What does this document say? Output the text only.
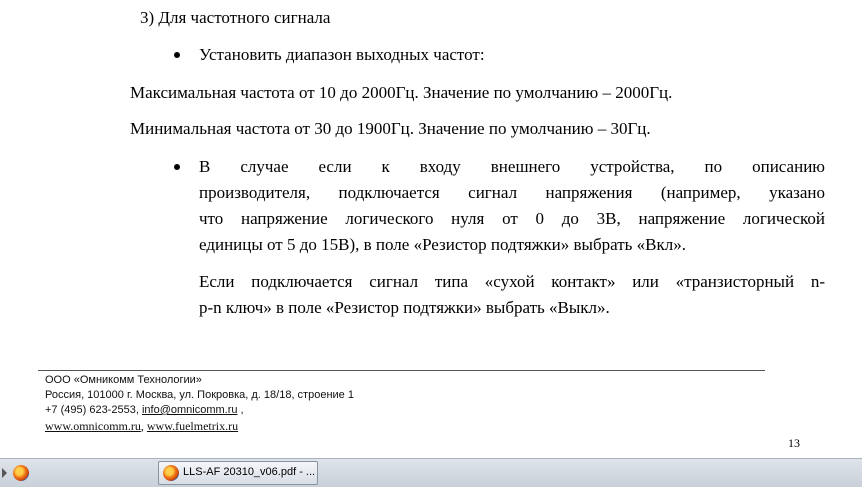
3) Для частотного сигнала
Установить диапазон выходных частот:
Максимальная частота от 10 до 2000Гц. Значение по умолчанию – 2000Гц.
Минимальная частота от 30 до 1900Гц. Значение по умолчанию – 30Гц.
В случае если к входу внешнего устройства, по описанию
производителя, подключается сигнал напряжения (например, указано
что напряжение логического нуля от 0 до 3В, напряжение логической
единицы от 5 до 15В), в поле «Резистор подтяжки» выбрать «Вкл».
Если подключается сигнал типа «сухой контакт» или «транзисторный n-
p-n ключ» в поле «Резистор подтяжки» выбрать «Выкл».
ООО «Омникомм Технологии»
Россия, 101000 г. Москва, ул. Покровка, д. 18/18, строение 1
+7 (495) 623-2553, info@omnicomm.ru ,
www.omnicomm.ru, www.fuelmetrix.ru
13
LLS-AF 20310_v06.pdf - ...
